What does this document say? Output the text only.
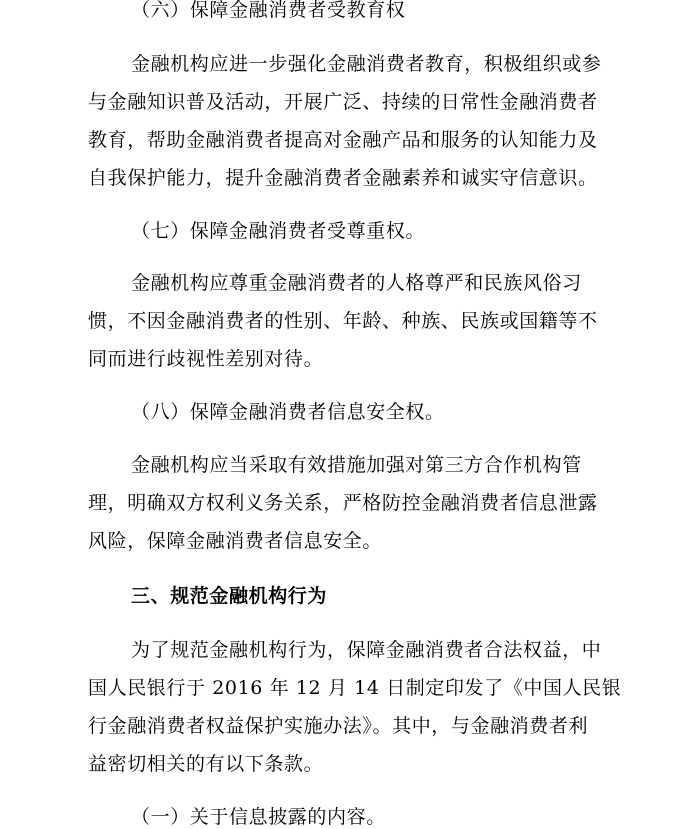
（六）保障金融消费者受教育权
金融机构应进一步强化金融消费者教育，积极组织或参
与金融知识普及活动，开展广泛、持续的日常性金融消费者
教育，帮助金融消费者提高对金融产品和服务的认知能力及
自我保护能力，提升金融消费者金融素养和诚实守信意识。
（七）保障金融消费者受尊重权。
金融机构应尊重金融消费者的人格尊严和民族风俗习
惯，不因金融消费者的性别、年龄、种族、民族或国籍等不
同而进行歧视性差别对待。
（八）保障金融消费者信息安全权。
金融机构应当采取有效措施加强对第三方合作机构管
理，明确双方权利义务关系，严格防控金融消费者信息泄露
风险，保障金融消费者信息安全。
三、规范金融机构行为
为了规范金融机构行为，保障金融消费者合法权益，中
国人民银行于 2016 年 12 月 14 日制定印发了《中国人民银
行金融消费者权益保护实施办法》。其中，与金融消费者利
益密切相关的有以下条款。
（一）关于信息披露的内容。
